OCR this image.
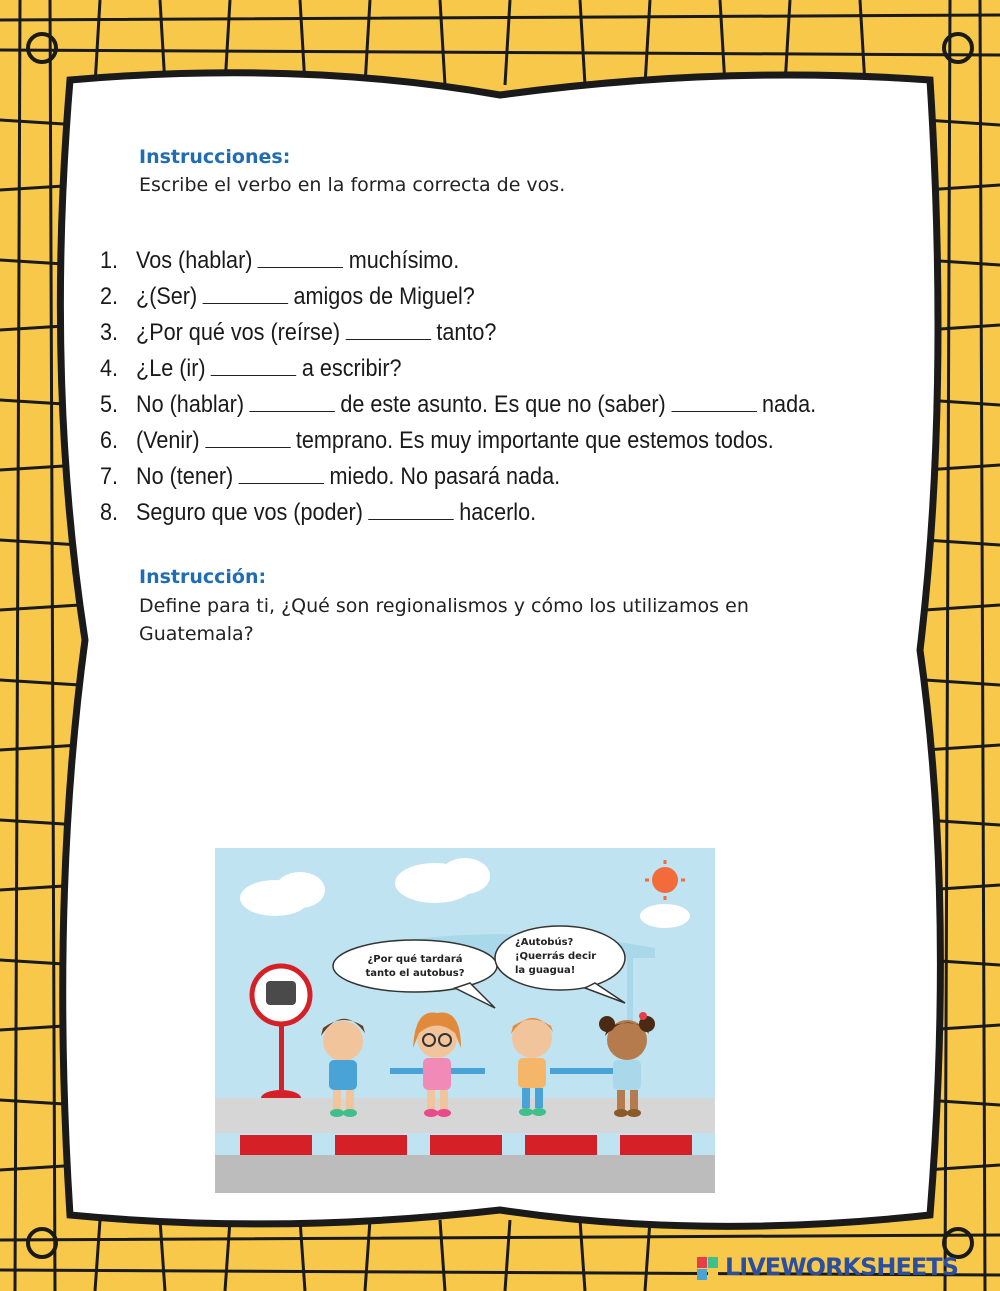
Instrucciones:
Escribe el verbo en la forma correcta de vos.
1. Vos (hablar)	muchísimo.
2. ¿(Ser)	amigos de Miguel?
3. ¿Por qué vos (reírse)	tanto?
4. ¿Le (ir)	a escribir?
5. No (hablar)	de este asunto. Es que no (saber)	nada.
6. (Venir)	temprano. Es muy importante que estemos todos.
7. No (tener)	miedo. No pasará nada.
8. Seguro que vos (poder)	hacerlo.
Instrucción:
Define para ti, ¿Qué son regionalismos y cómo los utilizamos en
Guatemala?
¿Por qué tardará
tanto el autobus?
¿Autobús?
¡Querrás decir
la guagua!
LIVEWORKSHEETS
